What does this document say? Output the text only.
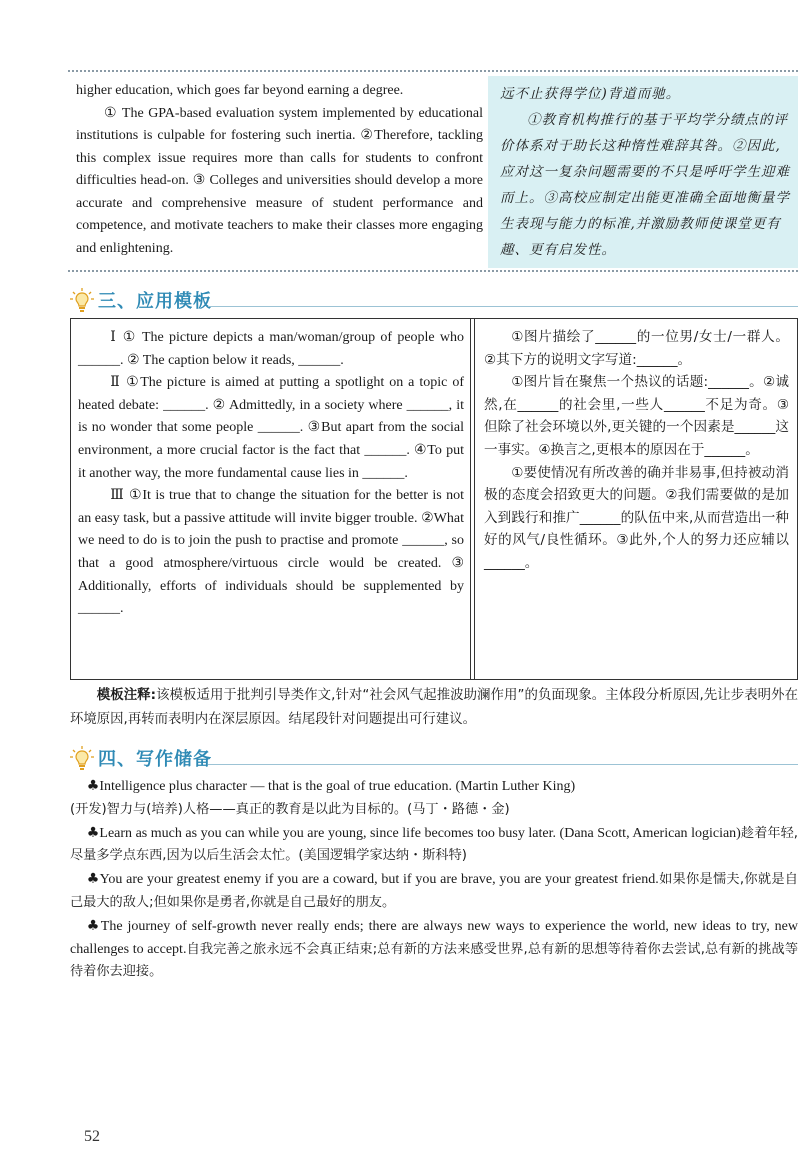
higher education, which goes far beyond earning a degree.

① The GPA-based evaluation system implemented by educational institutions is culpable for fostering such inertia. ②Therefore, tackling this complex issue requires more than calls for students to confront difficulties head-on. ③ Colleges and universities should develop a more accurate and comprehensive measure of student performance and competence, and motivate teachers to make their classes more engaging and enlightening.

远不止获得学位)背道而驰。

①教育机构推行的基于平均学分绩点的评价体系对于助长这种惰性难辞其咎。②因此,应对这一复杂问题需要的不只是呼吁学生迎难而上。③高校应制定出能更准确全面地衡量学生表现与能力的标准,并激励教师使课堂更有趣、更有启发性。

三、应用模板

Ⅰ ① The picture depicts a man/woman/group of people who ______. ② The caption below it reads, ______.

Ⅱ ①The picture is aimed at putting a spotlight on a topic of heated debate: ______. ② Admittedly, in a society where ______, it is no wonder that some people ______. ③But apart from the social environment, a more crucial factor is the fact that ______. ④To put it another way, the more fundamental cause lies in ______.

Ⅲ ①It is true that to change the situation for the better is not an easy task, but a passive attitude will invite bigger trouble. ②What we need to do is to join the push to practise and promote ______, so that a good atmosphere/virtuous circle would be created. ③ Additionally, efforts of individuals should be supplemented by ______.

①图片描绘了______的一位男/女士/一群人。②其下方的说明文字写道:______。

①图片旨在聚焦一个热议的话题:______。②诚然,在______的社会里,一些人______不足为奇。③但除了社会环境以外,更关键的一个因素是______这一事实。④换言之,更根本的原因在于______。

①要使情况有所改善的确并非易事,但持被动消极的态度会招致更大的问题。②我们需要做的是加入到践行和推广______的队伍中来,从而营造出一种好的风气/良性循环。③此外,个人的努力还应辅以______。

模板注释:该模板适用于批判引导类作文,针对“社会风气起推波助澜作用”的负面现象。主体段分析原因,先让步表明外在环境原因,再转而表明内在深层原因。结尾段针对问题提出可行建议。
四、写作储备

♣Intelligence plus character — that is the goal of true education. (Martin Luther King)
(开发)智力与(培养)人格——真正的教育是以此为目标的。(马丁・路德・金)

♣Learn as much as you can while you are young, since life becomes too busy later. (Dana Scott, American logician)趁着年轻,尽量多学点东西,因为以后生活会太忙。(美国逻辑学家达纳・斯科特)

♣You are your greatest enemy if you are a coward, but if you are brave, you are your greatest friend.如果你是懦夫,你就是自己最大的敌人;但如果你是勇者,你就是自己最好的朋友。

♣The journey of self-growth never really ends; there are always new ways to experience the world, new ideas to try, new challenges to accept.自我完善之旅永远不会真正结束;总有新的方法来感受世界,总有新的思想等待着你去尝试,总有新的挑战等待着你去迎接。

52
